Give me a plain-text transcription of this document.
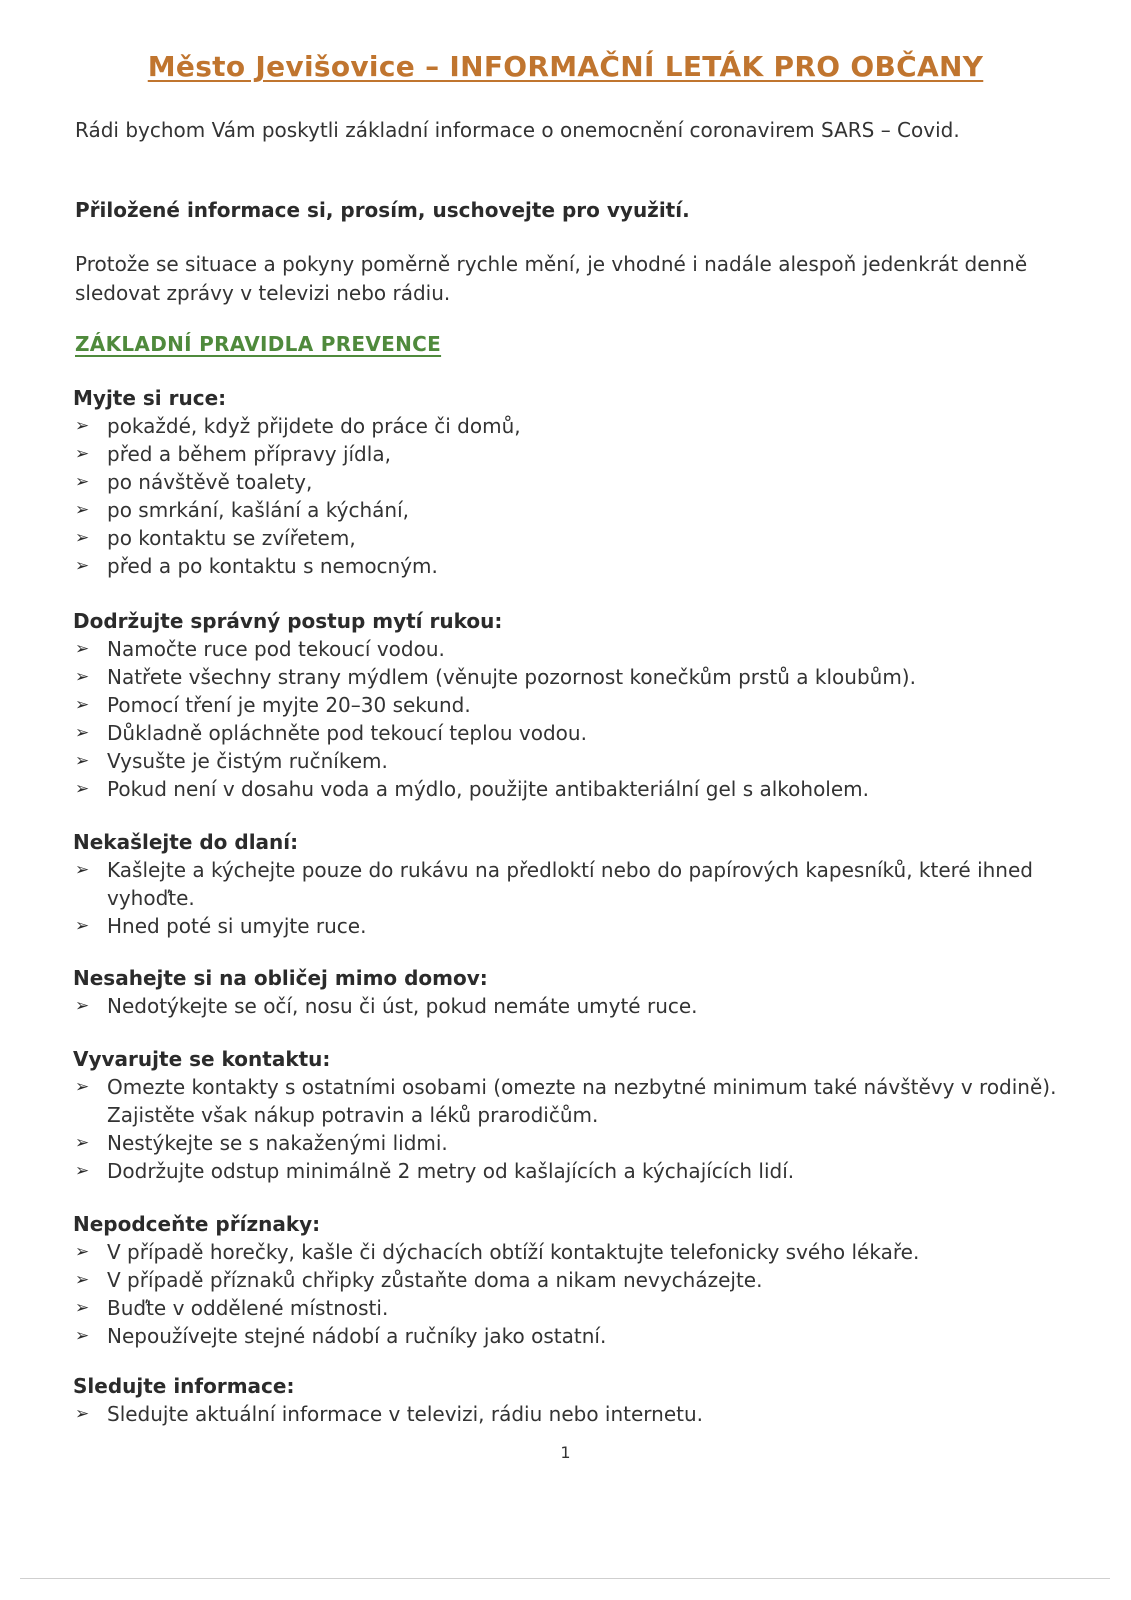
Město Jevišovice – INFORMAČNÍ LETÁK PRO OBČANY
Rádi bychom Vám poskytli základní informace o onemocnění coronavirem SARS – Covid.
Přiložené informace si, prosím, uschovejte pro využití.
Protože se situace a pokyny poměrně rychle mění, je vhodné i nadále alespoň jedenkrát denně sledovat zprávy v televizi nebo rádiu.
ZÁKLADNÍ PRAVIDLA PREVENCE
Myjte si ruce:
➢ pokaždé, když přijdete do práce či domů,
➢ před a během přípravy jídla,
➢ po návštěvě toalety,
➢ po smrkání, kašlání a kýchání,
➢ po kontaktu se zvířetem,
➢ před a po kontaktu s nemocným.
Dodržujte správný postup mytí rukou:
➢ Namočte ruce pod tekoucí vodou.
➢ Natřete všechny strany mýdlem (věnujte pozornost konečkům prstů a kloubům).
➢ Pomocí tření je myjte 20–30 sekund.
➢ Důkladně opláchněte pod tekoucí teplou vodou.
➢ Vysušte je čistým ručníkem.
➢ Pokud není v dosahu voda a mýdlo, použijte antibakteriální gel s alkoholem.
Nekašlejte do dlaní:
➢ Kašlejte a kýchejte pouze do rukávu na předloktí nebo do papírových kapesníků, které ihned vyhoďte.
➢ Hned poté si umyjte ruce.
Nesahejte si na obličej mimo domov:
➢ Nedotýkejte se očí, nosu či úst, pokud nemáte umyté ruce.
Vyvarujte se kontaktu:
➢ Omezte kontakty s ostatními osobami (omezte na nezbytné minimum také návštěvy v rodině). Zajistěte však nákup potravin a léků prarodičům.
➢ Nestýkejte se s nakaženými lidmi.
➢ Dodržujte odstup minimálně 2 metry od kašlajících a kýchajících lidí.
Nepodceňte příznaky:
➢ V případě horečky, kašle či dýchacích obtíží kontaktujte telefonicky svého lékaře.
➢ V případě příznaků chřipky zůstaňte doma a nikam nevycházejte.
➢ Buďte v oddělené místnosti.
➢ Nepoužívejte stejné nádobí a ručníky jako ostatní.
Sledujte informace:
➢ Sledujte aktuální informace v televizi, rádiu nebo internetu.
1
